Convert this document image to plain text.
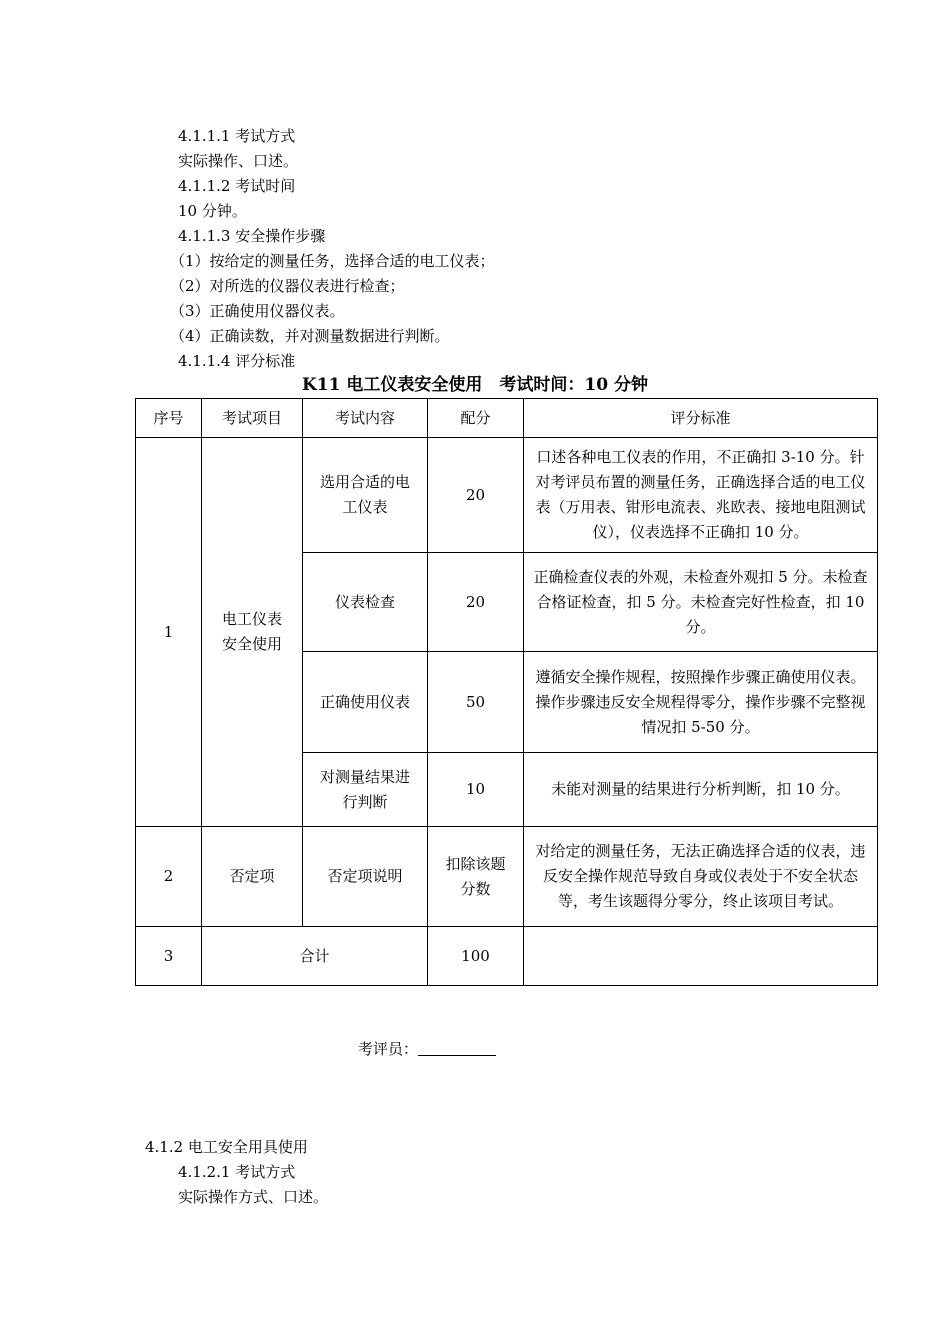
4.1.1.1 考试方式
实际操作、口述。
4.1.1.2 考试时间
10 分钟。
4.1.1.3 安全操作步骤
（1）按给定的测量任务，选择合适的电工仪表；
（2）对所选的仪器仪表进行检查；
（3）正确使用仪器仪表。
（4）正确读数，并对测量数据进行判断。
4.1.1.4 评分标准
K11 电工仪表安全使用　考试时间：10 分钟
序号	考试项目	考试内容	配分	评分标准
1	电工仪表安全使用	选用合适的电工仪表	20	口述各种电工仪表的作用，不正确扣 3-10 分。针对考评员布置的测量任务，正确选择合适的电工仪表（万用表、钳形电流表、兆欧表、接地电阻测试仪），仪表选择不正确扣 10 分。
		仪表检查	20	正确检查仪表的外观，未检查外观扣 5 分。未检查合格证检查，扣 5 分。未检查完好性检查，扣 10 分。
		正确使用仪表	50	遵循安全操作规程，按照操作步骤正确使用仪表。操作步骤违反安全规程得零分，操作步骤不完整视情况扣 5-50 分。
		对测量结果进行判断	10	未能对测量的结果进行分析判断，扣 10 分。
2	否定项	否定项说明	扣除该题分数	对给定的测量任务，无法正确选择合适的仪表，违反安全操作规范导致自身或仪表处于不安全状态等，考生该题得分零分，终止该项目考试。
3	合计		100	
考评员：
4.1.2 电工安全用具使用
4.1.2.1 考试方式
实际操作方式、口述。
